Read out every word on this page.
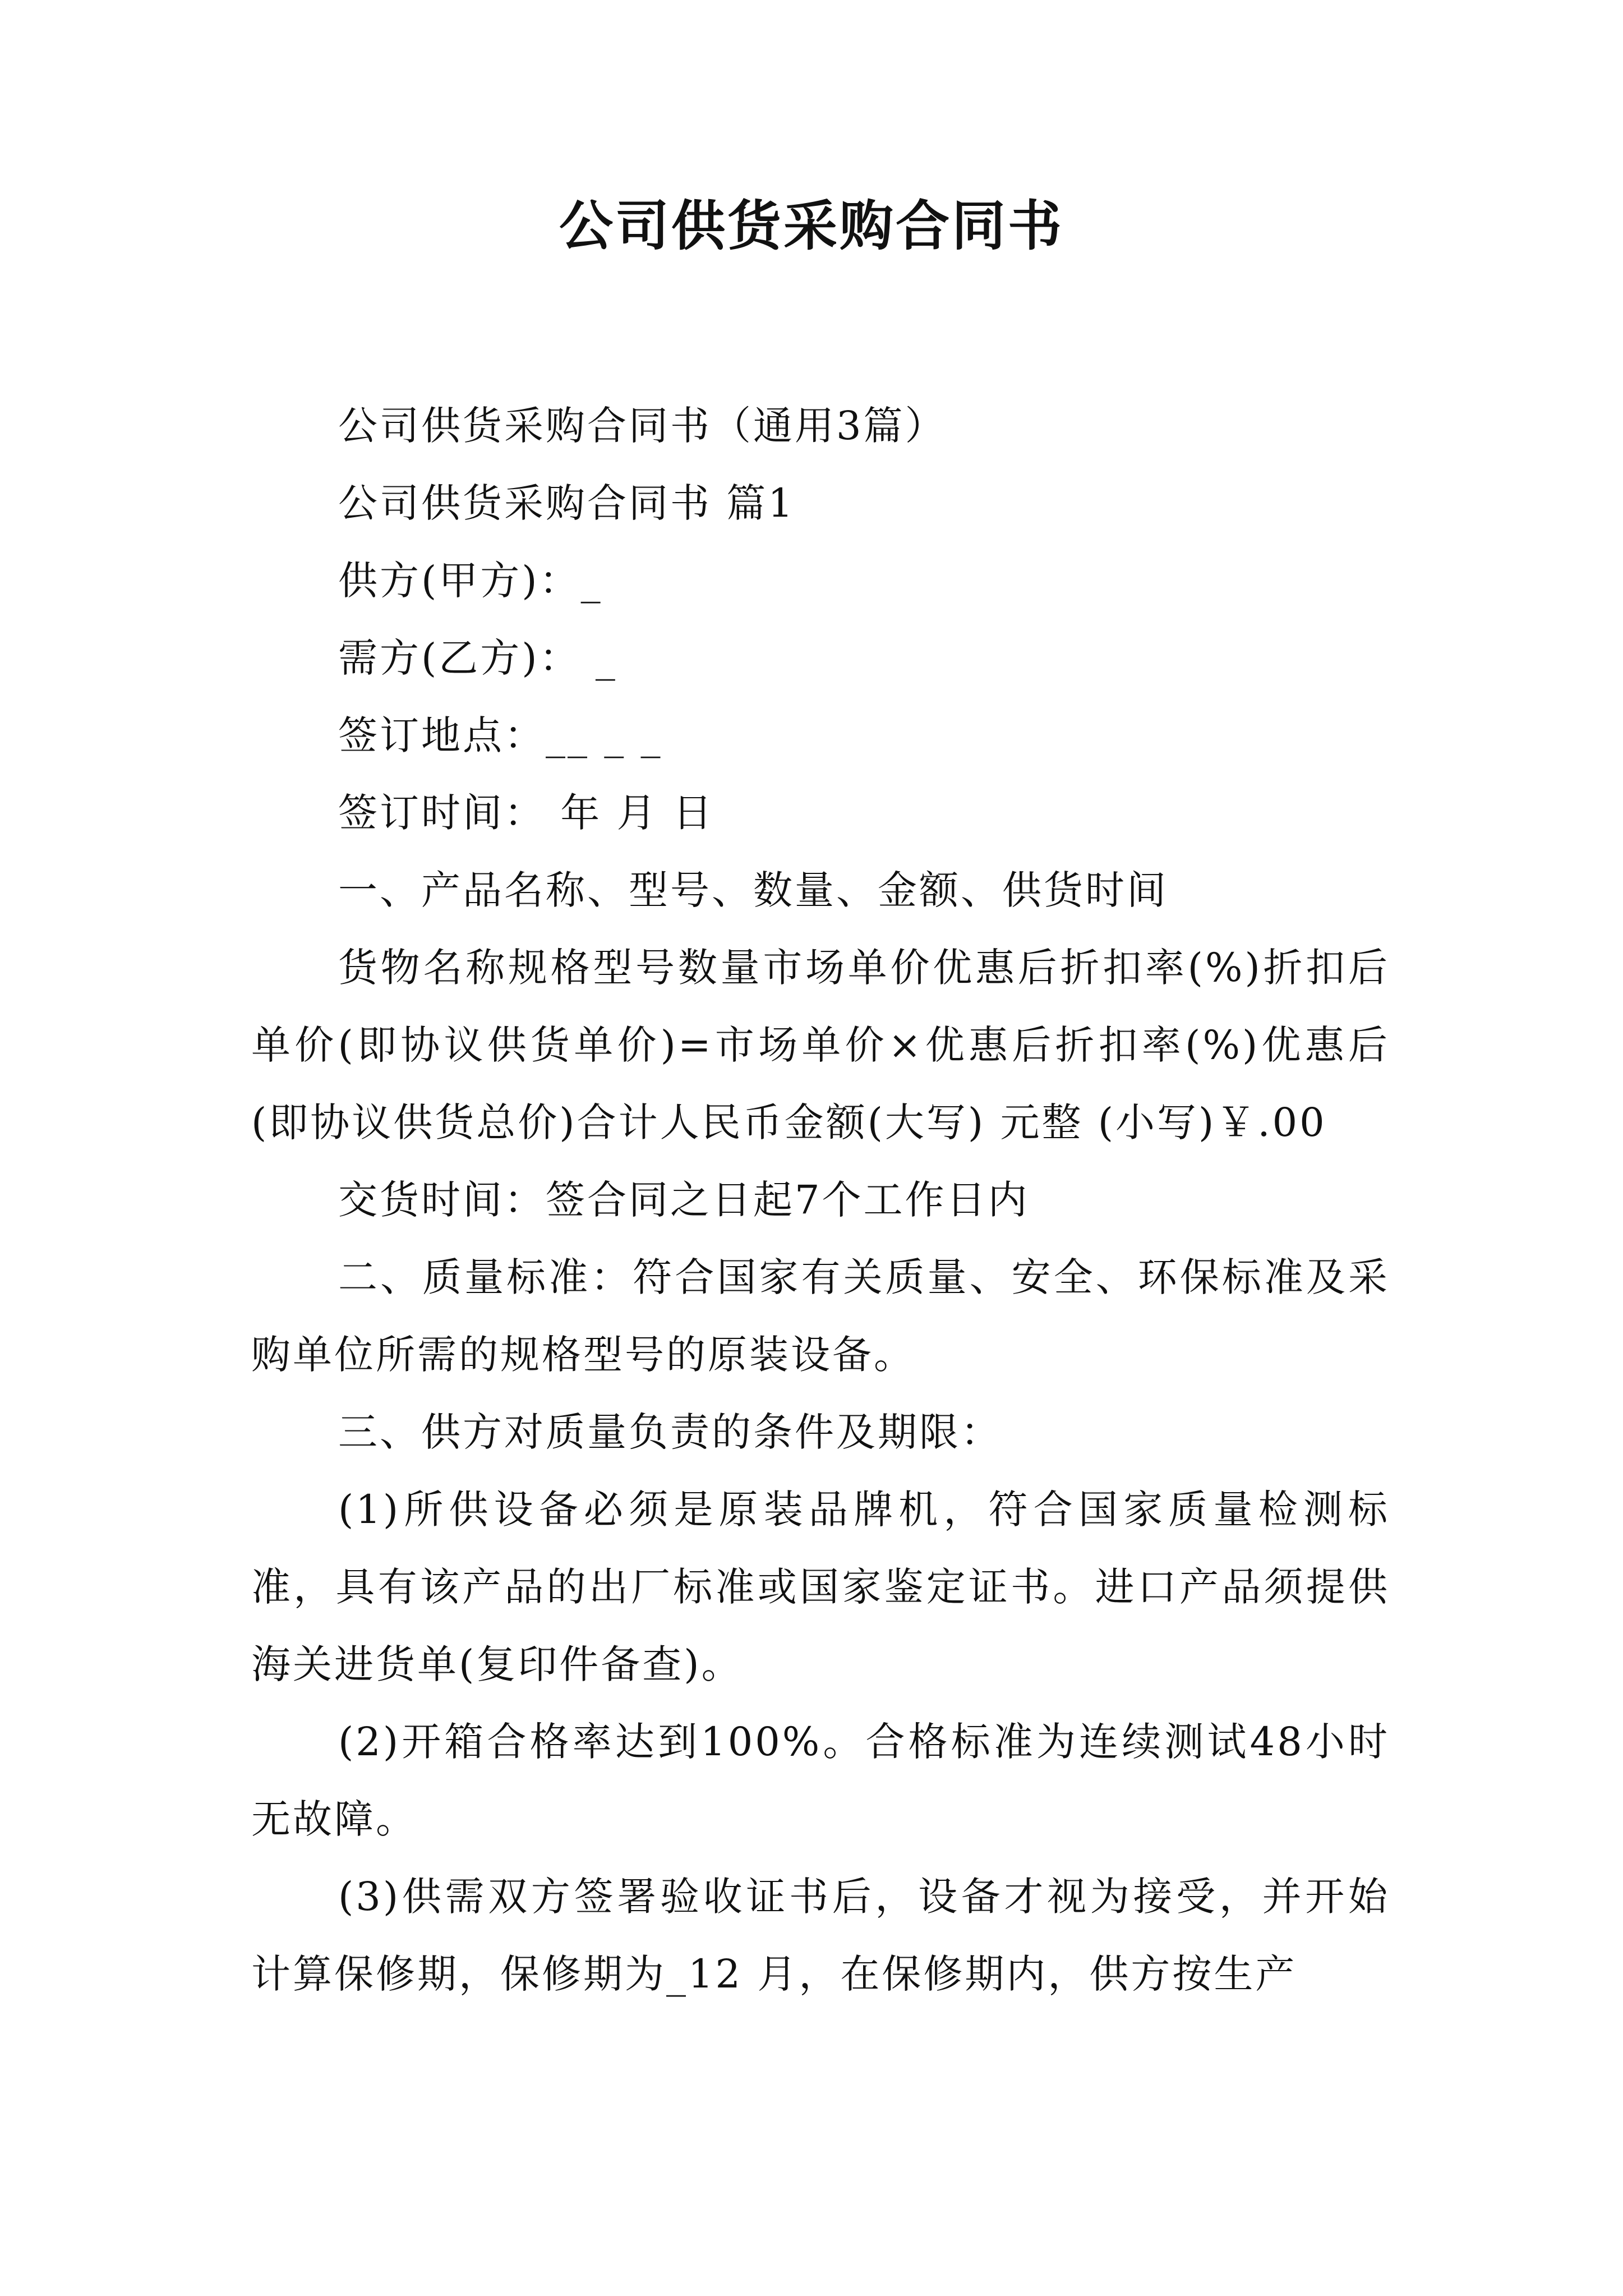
公司供货采购合同书

公司供货采购合同书（通用3篇）

公司供货采购合同书 篇1

供方(甲方)：_

需方(乙方)： _

签订地点：__ _ _

签订时间： 年 月 日

一、产品名称、型号、数量、金额、供货时间

货物名称规格型号数量市场单价优惠后折扣率(%)折扣后单价(即协议供货单价)=市场单价×优惠后折扣率(%)优惠后(即协议供货总价)合计人民币金额(大写) 元整 (小写)￥.00

交货时间：签合同之日起7个工作日内

二、质量标准：符合国家有关质量、安全、环保标准及采购单位所需的规格型号的原装设备。

三、供方对质量负责的条件及期限：

(1)所供设备必须是原装品牌机，符合国家质量检测标准，具有该产品的出厂标准或国家鉴定证书。进口产品须提供海关进货单(复印件备查)。

(2)开箱合格率达到100%。合格标准为连续测试48小时无故障。

(3)供需双方签署验收证书后，设备才视为接受，并开始计算保修期，保修期为_12 月，在保修期内，供方按生产
